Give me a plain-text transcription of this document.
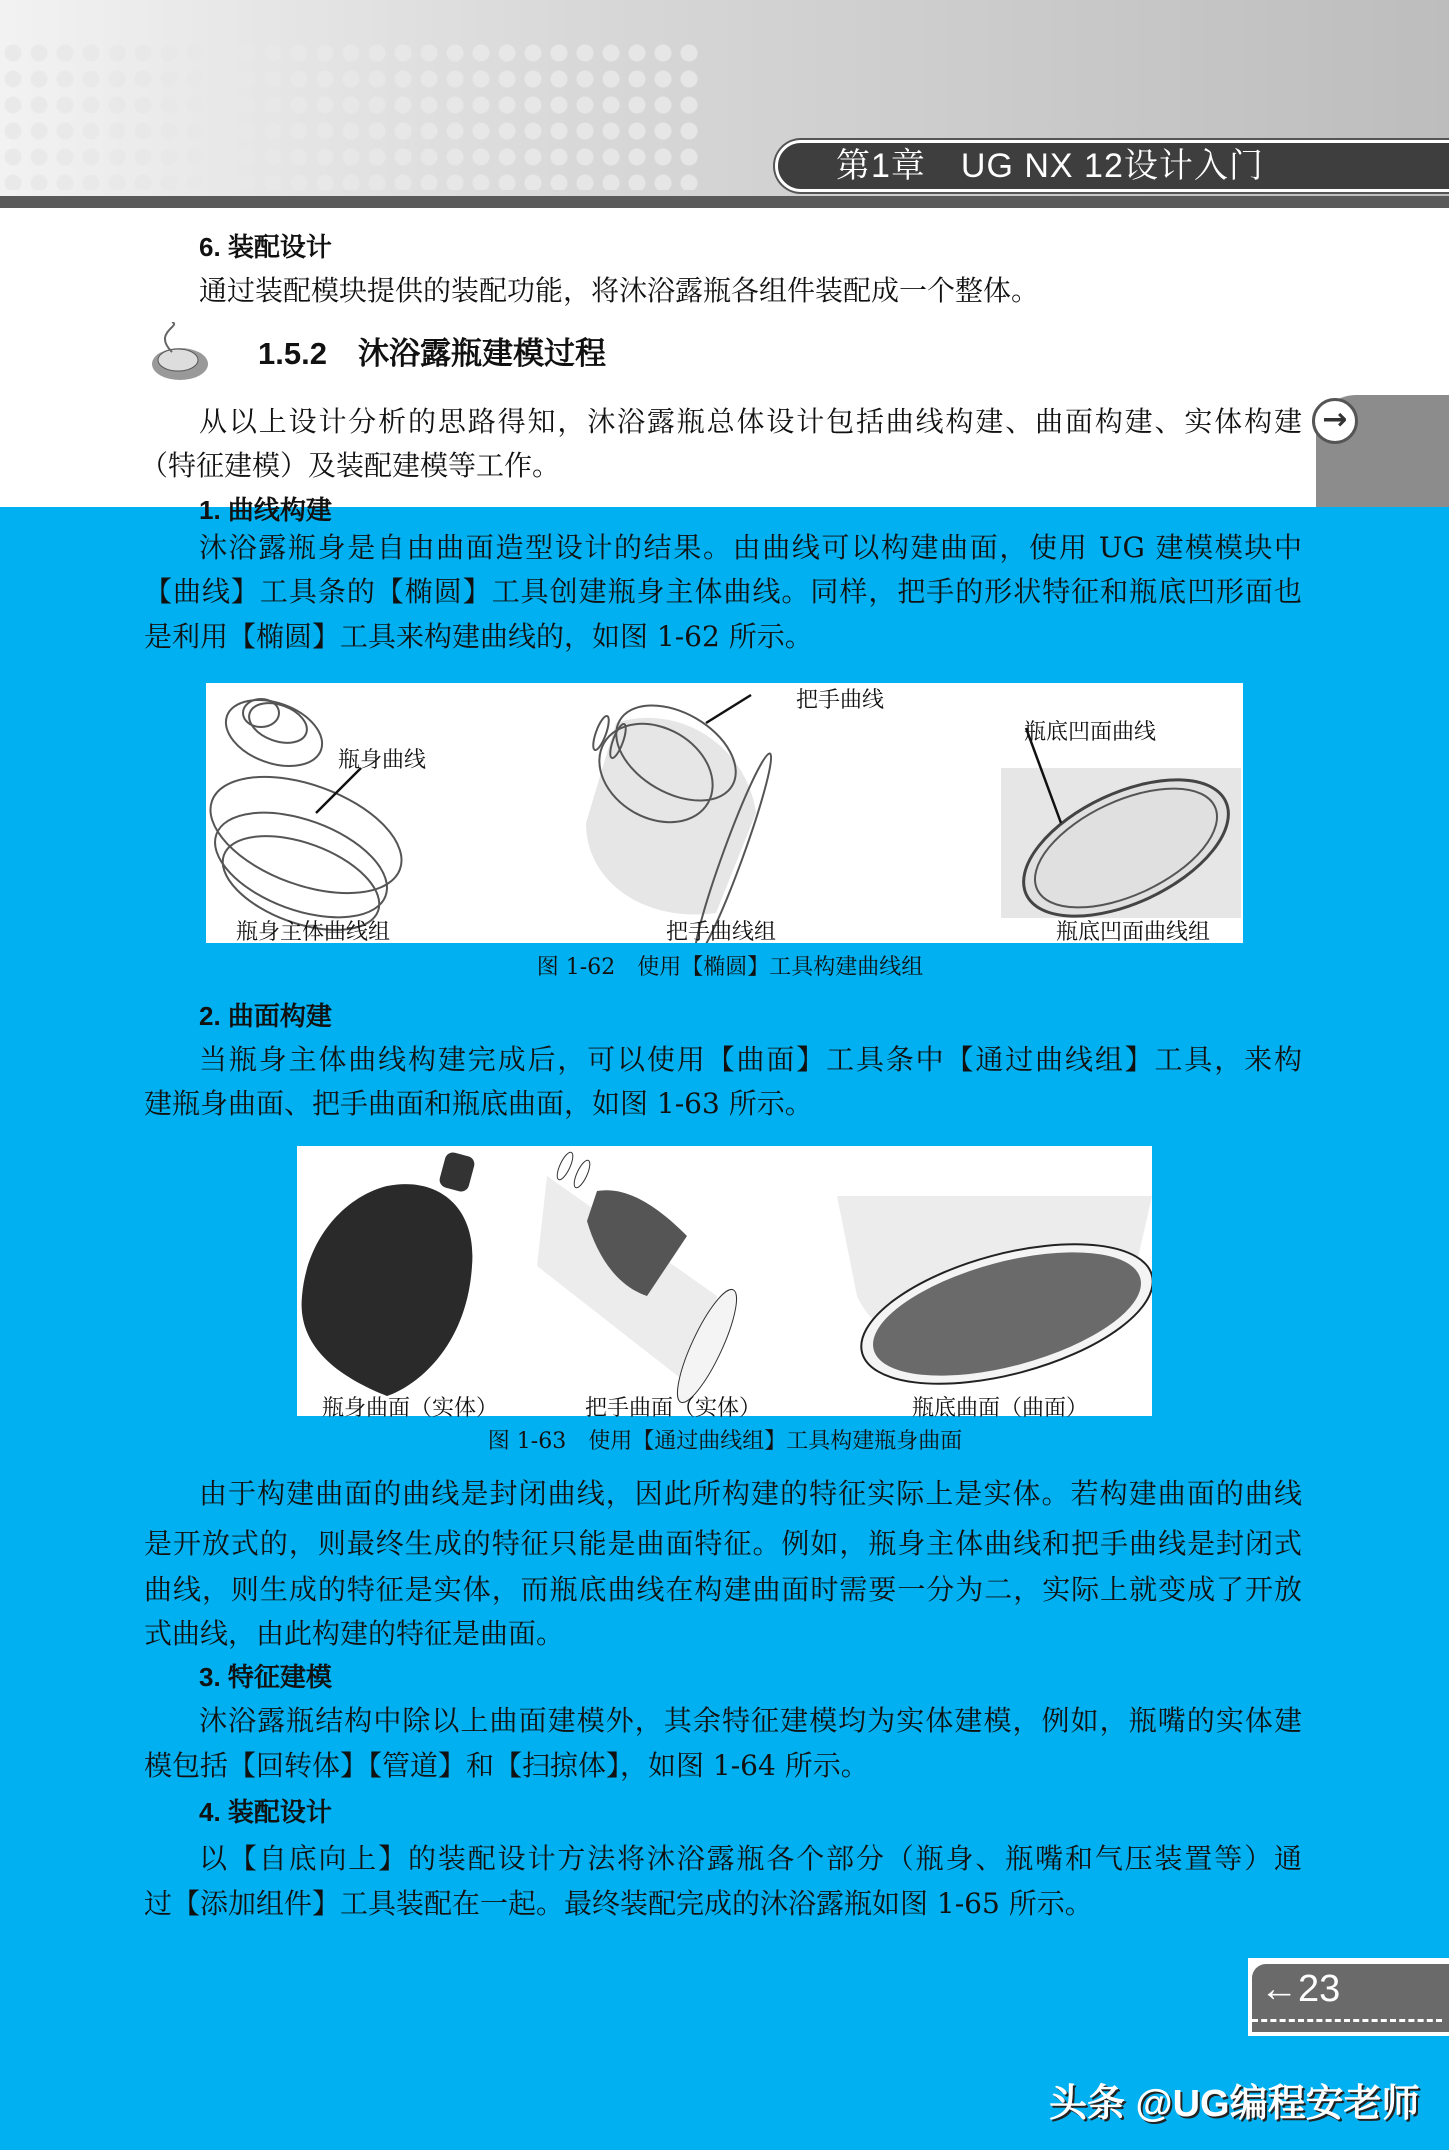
第1章　UG NX 12设计入门
→
6. 装配设计
通过装配模块提供的装配功能，将沐浴露瓶各组件装配成一个整体。
1.5.2　沐浴露瓶建模过程
从以上设计分析的思路得知，沐浴露瓶总体设计包括曲线构建、曲面构建、实体构建
（特征建模）及装配建模等工作。
1. 曲线构建
沐浴露瓶身是自由曲面造型设计的结果。由曲线可以构建曲面，使用 UG 建模模块中
【曲线】工具条的【椭圆】工具创建瓶身主体曲线。同样，把手的形状特征和瓶底凹形面也
是利用【椭圆】工具来构建曲线的，如图 1-62 所示。
瓶身曲线
把手曲线
瓶底凹面曲线
瓶身主体曲线组	把手曲线组	瓶底凹面曲线组
图 1-62　使用【椭圆】工具构建曲线组
2. 曲面构建
当瓶身主体曲线构建完成后，可以使用【曲面】工具条中【通过曲线组】工具，来构
建瓶身曲面、把手曲面和瓶底曲面，如图 1-63 所示。
瓶身曲面（实体）	把手曲面（实体）	瓶底曲面（曲面）
图 1-63　使用【通过曲线组】工具构建瓶身曲面
由于构建曲面的曲线是封闭曲线，因此所构建的特征实际上是实体。若构建曲面的曲线
是开放式的，则最终生成的特征只能是曲面特征。例如，瓶身主体曲线和把手曲线是封闭式
曲线，则生成的特征是实体，而瓶底曲线在构建曲面时需要一分为二，实际上就变成了开放
式曲线，由此构建的特征是曲面。
3. 特征建模
沐浴露瓶结构中除以上曲面建模外，其余特征建模均为实体建模，例如，瓶嘴的实体建
模包括【回转体】【管道】和【扫掠体】，如图 1-64 所示。
4. 装配设计
以【自底向上】的装配设计方法将沐浴露瓶各个部分（瓶身、瓶嘴和气压装置等）通
过【添加组件】工具装配在一起。最终装配完成的沐浴露瓶如图 1-65 所示。
←23
头条 @UG编程安老师
